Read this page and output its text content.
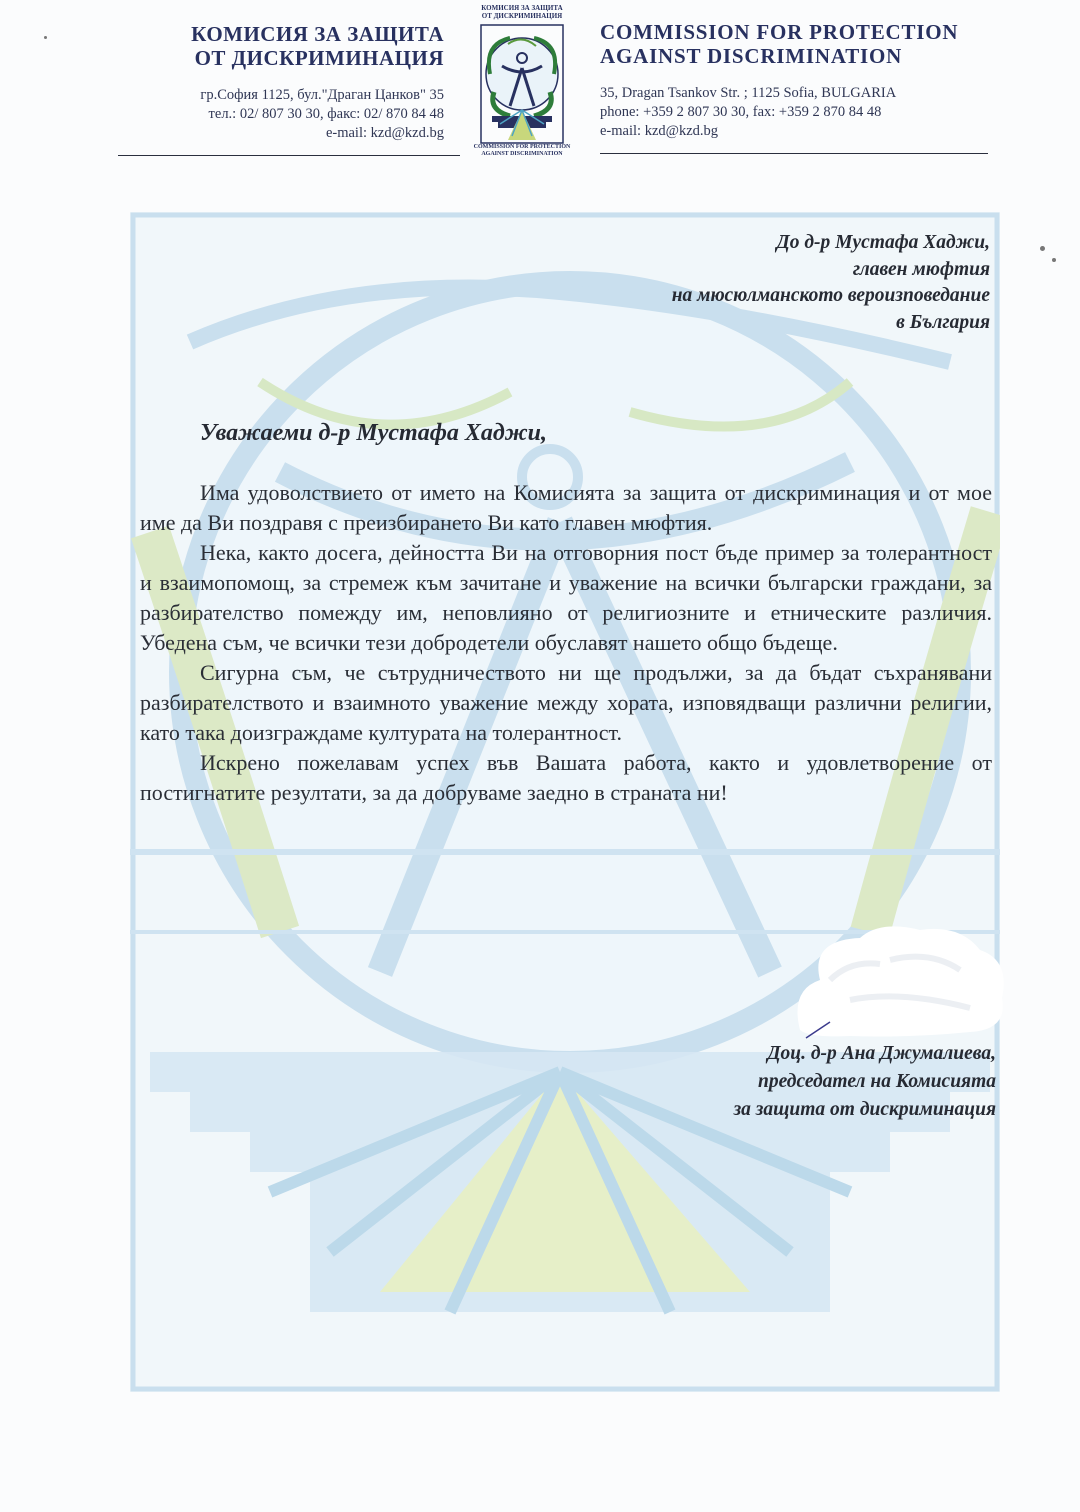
КОМИСИЯ ЗА ЗАЩИТА
ОТ ДИСКРИМИНАЦИЯ
COMMISSION FOR PROTECTION
AGAINST DISCRIMINATION
гр.София 1125, бул."Драган Цанков" 35
тел.: 02/ 807 30 30, факс: 02/ 870 84 48
e-mail: kzd@kzd.bg
35, Dragan Tsankov Str. ; 1125 Sofia, BULGARIA
phone: +359 2 807 30 30, fax: +359 2 870 84 48
e-mail: kzd@kzd.bg
КОМИСИЯ ЗА ЗАЩИТА
ОТ ДИСКРИМИНАЦИЯ
COMMISSION FOR PROTECTION
AGAINST DISCRIMINATION
До д-р Мустафа Хаджи,
главен мюфтия
на мюсюлманското вероизповедание
в България
Уважаеми д-р Мустафа Хаджи,

Има удоволствието от името на Комисията за защита от дискриминация и от мое име да Ви поздравя с преизбирането Ви като главен мюфтия.

Нека, както досега, дейността Ви на отговорния пост бъде пример за толерантност и взаимопомощ, за стремеж към зачитане и уважение на всички български граждани, за разбирателство помежду им, неповлияно от религиозните и етническите различия. Убедена съм, че всички тези добродетели обуславят нашето общо бъдеще.

Сигурна съм, че сътрудничеството ни ще продължи, за да бъдат съхранявани разбирателството и взаимното уважение между хората, изповядващи различни религии, като така доизграждаме културата на толерантност.

Искрено пожелавам успех във Вашата работа, както и удовлетворение от постигнатите резултати, за да добруваме заедно в страната ни!

Доц. д-р Ана Джумалиева,
председател на Комисията
за защита от дискриминация
